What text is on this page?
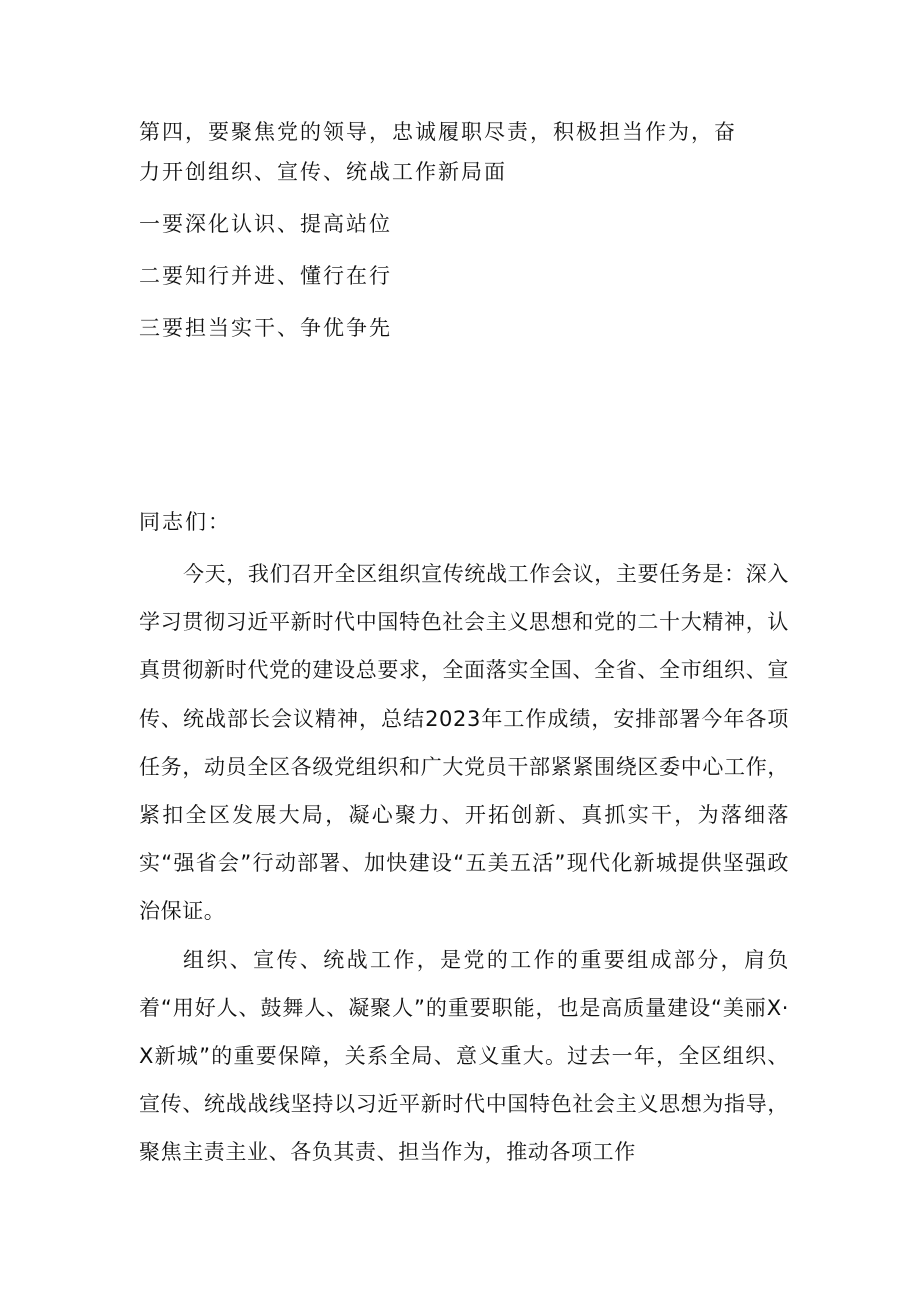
第四，要聚焦党的领导，忠诚履职尽责，积极担当作为，奋
力开创组织、宣传、统战工作新局面
一要深化认识、提高站位
二要知行并进、懂行在行
三要担当实干、争优争先
同志们：

今天，我们召开全区组织宣传统战工作会议，主要任务是：深入学习贯彻习近平新时代中国特色社会主义思想和党的二十大精神，认真贯彻新时代党的建设总要求，全面落实全国、全省、全市组织、宣传、统战部长会议精神，总结2023年工作成绩，安排部署今年各项任务，动员全区各级党组织和广大党员干部紧紧围绕区委中心工作，紧扣全区发展大局，凝心聚力、开拓创新、真抓实干，为落细落实“强省会”行动部署、加快建设“五美五活”现代化新城提供坚强政治保证。

组织、宣传、统战工作，是党的工作的重要组成部分，肩负着“用好人、鼓舞人、凝聚人”的重要职能，也是高质量建设“美丽X·X新城”的重要保障，关系全局、意义重大。过去一年，全区组织、宣传、统战战线坚持以习近平新时代中国特色社会主义思想为指导，聚焦主责主业、各负其责、担当作为，推动各项工作
